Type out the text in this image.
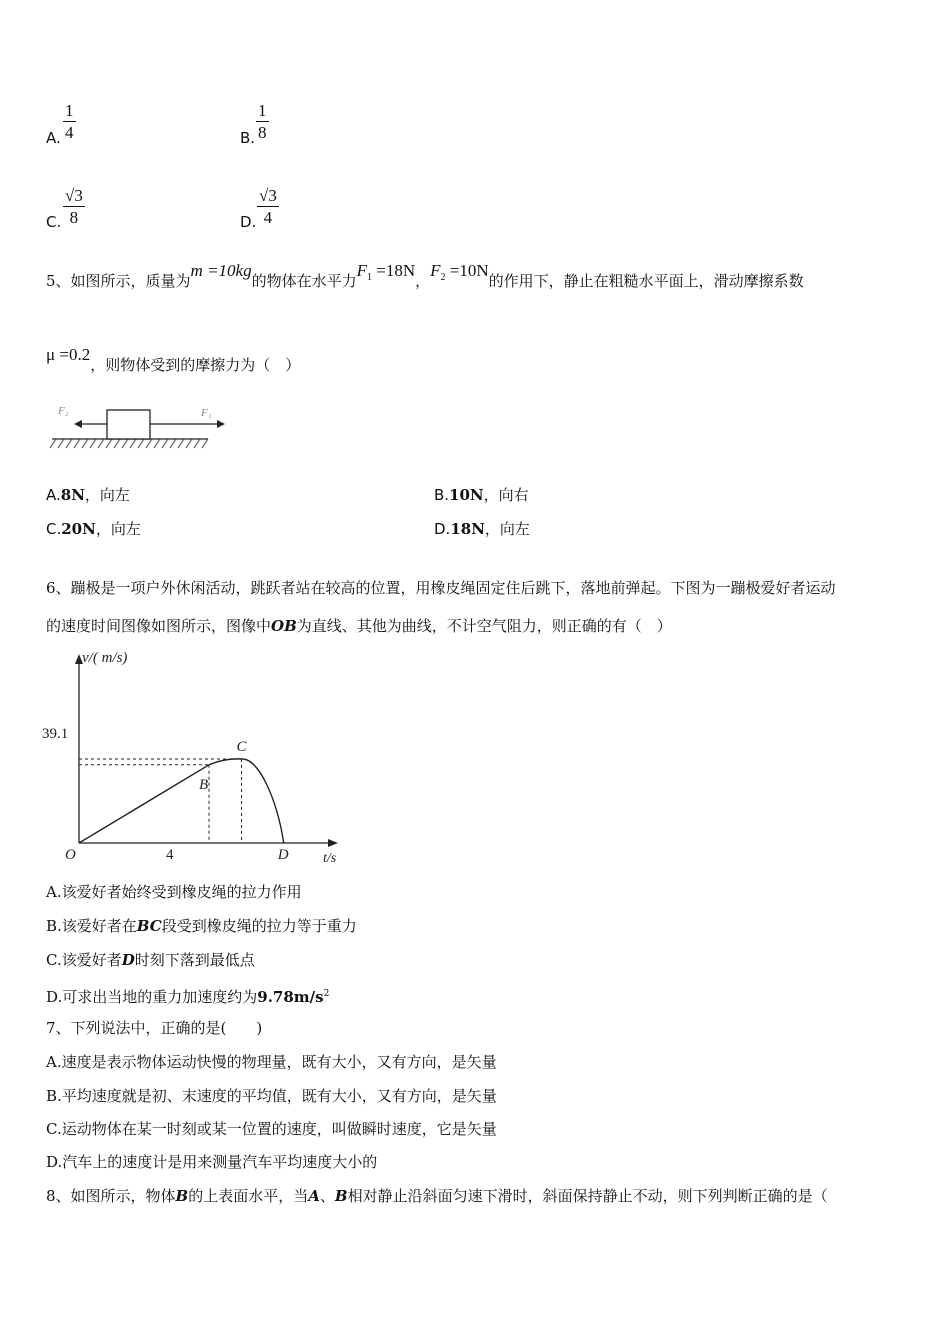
A. $\frac{1}{4}$	B. $\frac{1}{8}$
C. $\frac{√3}{8}$	D. $\frac{√3}{4}$
5、如图所示，质量为m =10kg的物体在水平力$F_1 =18N$，$F_2 =10N$的作用下，静止在粗糙水平面上，滑动摩擦系数
μ =0.2，则物体受到的摩擦力为（　）
F₂	F₁
A.8N，向左	B.10N，向右
C.20N，向左	D.18N，向左
6、蹦极是一项户外休闲活动，跳跃者站在较高的位置，用橡皮绳固定住后跳下，落地前弹起。下图为一蹦极爱好者运动
的速度时间图像如图所示，图像中OB为直线、其他为曲线，不计空气阻力，则正确的有（　）
v/( m/s)
t/s
39.1
4
O
B
C
D
A.该爱好者始终受到橡皮绳的拉力作用
B.该爱好者在BC段受到橡皮绳的拉力等于重力
C.该爱好者D时刻下落到最低点
D.可求出当地的重力加速度约为$9.78m/s^2$
7、下列说法中，正确的是(　　)
A.速度是表示物体运动快慢的物理量，既有大小，又有方向，是矢量
B.平均速度就是初、末速度的平均值，既有大小，又有方向，是矢量
C.运动物体在某一时刻或某一位置的速度，叫做瞬时速度，它是矢量
D.汽车上的速度计是用来测量汽车平均速度大小的
8、如图所示，物体B的上表面水平，当A、B相对静止沿斜面匀速下滑时，斜面保持静止不动，则下列判断正确的是（
